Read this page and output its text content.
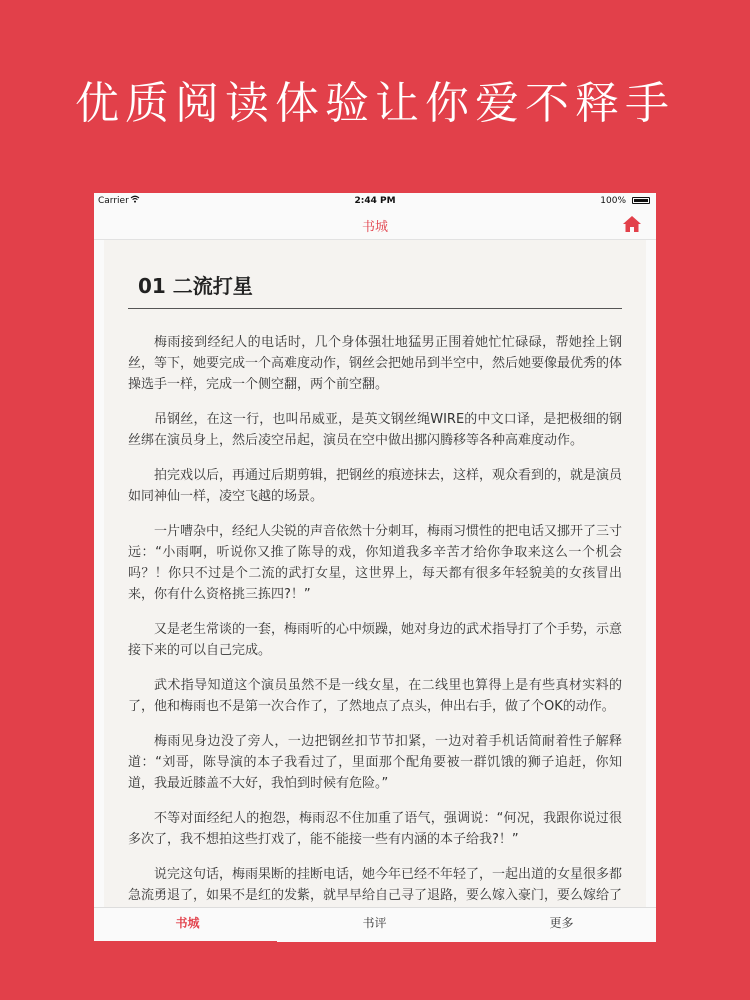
优质阅读体验让你爱不释手
Carrier	2:44 PM	100%
书城
01 二流打星

梅雨接到经纪人的电话时，几个身体强壮地猛男正围着她忙忙碌碌，帮她拴上钢丝，等下，她要完成一个高难度动作，钢丝会把她吊到半空中，然后她要像最优秀的体操选手一样，完成一个侧空翻，两个前空翻。

吊钢丝，在这一行，也叫吊威亚，是英文钢丝绳WIRE的中文口译，是把极细的钢丝绑在演员身上，然后凌空吊起，演员在空中做出挪闪腾移等各种高难度动作。

拍完戏以后，再通过后期剪辑，把钢丝的痕迹抹去，这样，观众看到的，就是演员如同神仙一样，凌空飞越的场景。

一片嘈杂中，经纪人尖锐的声音依然十分刺耳，梅雨习惯性的把电话又挪开了三寸远：“小雨啊，听说你又推了陈导的戏，你知道我多辛苦才给你争取来这么一个机会吗？！你只不过是个二流的武打女星，这世界上，每天都有很多年轻貌美的女孩冒出来，你有什么资格挑三拣四?！”

又是老生常谈的一套，梅雨听的心中烦躁，她对身边的武术指导打了个手势，示意接下来的可以自己完成。

武术指导知道这个演员虽然不是一线女星，在二线里也算得上是有些真材实料的了，他和梅雨也不是第一次合作了，了然地点了点头，伸出右手，做了个OK的动作。

梅雨见身边没了旁人，一边把钢丝扣节节扣紧，一边对着手机话简耐着性子解释道：“刘哥，陈导演的本子我看过了，里面那个配角要被一群饥饿的狮子追赶，你知道，我最近膝盖不大好，我怕到时候有危险。”

不等对面经纪人的抱怨，梅雨忍不住加重了语气，强调说：“何况，我跟你说过很多次了，我不想拍这些打戏了，能不能接一些有内涵的本子给我?！”

说完这句话，梅雨果断的挂断电话，她今年已经不年轻了，一起出道的女星很多都急流勇退了，如果不是红的发紫，就早早给自己寻了退路，要么嫁入豪门，要么嫁给了

书城	书评	更多
